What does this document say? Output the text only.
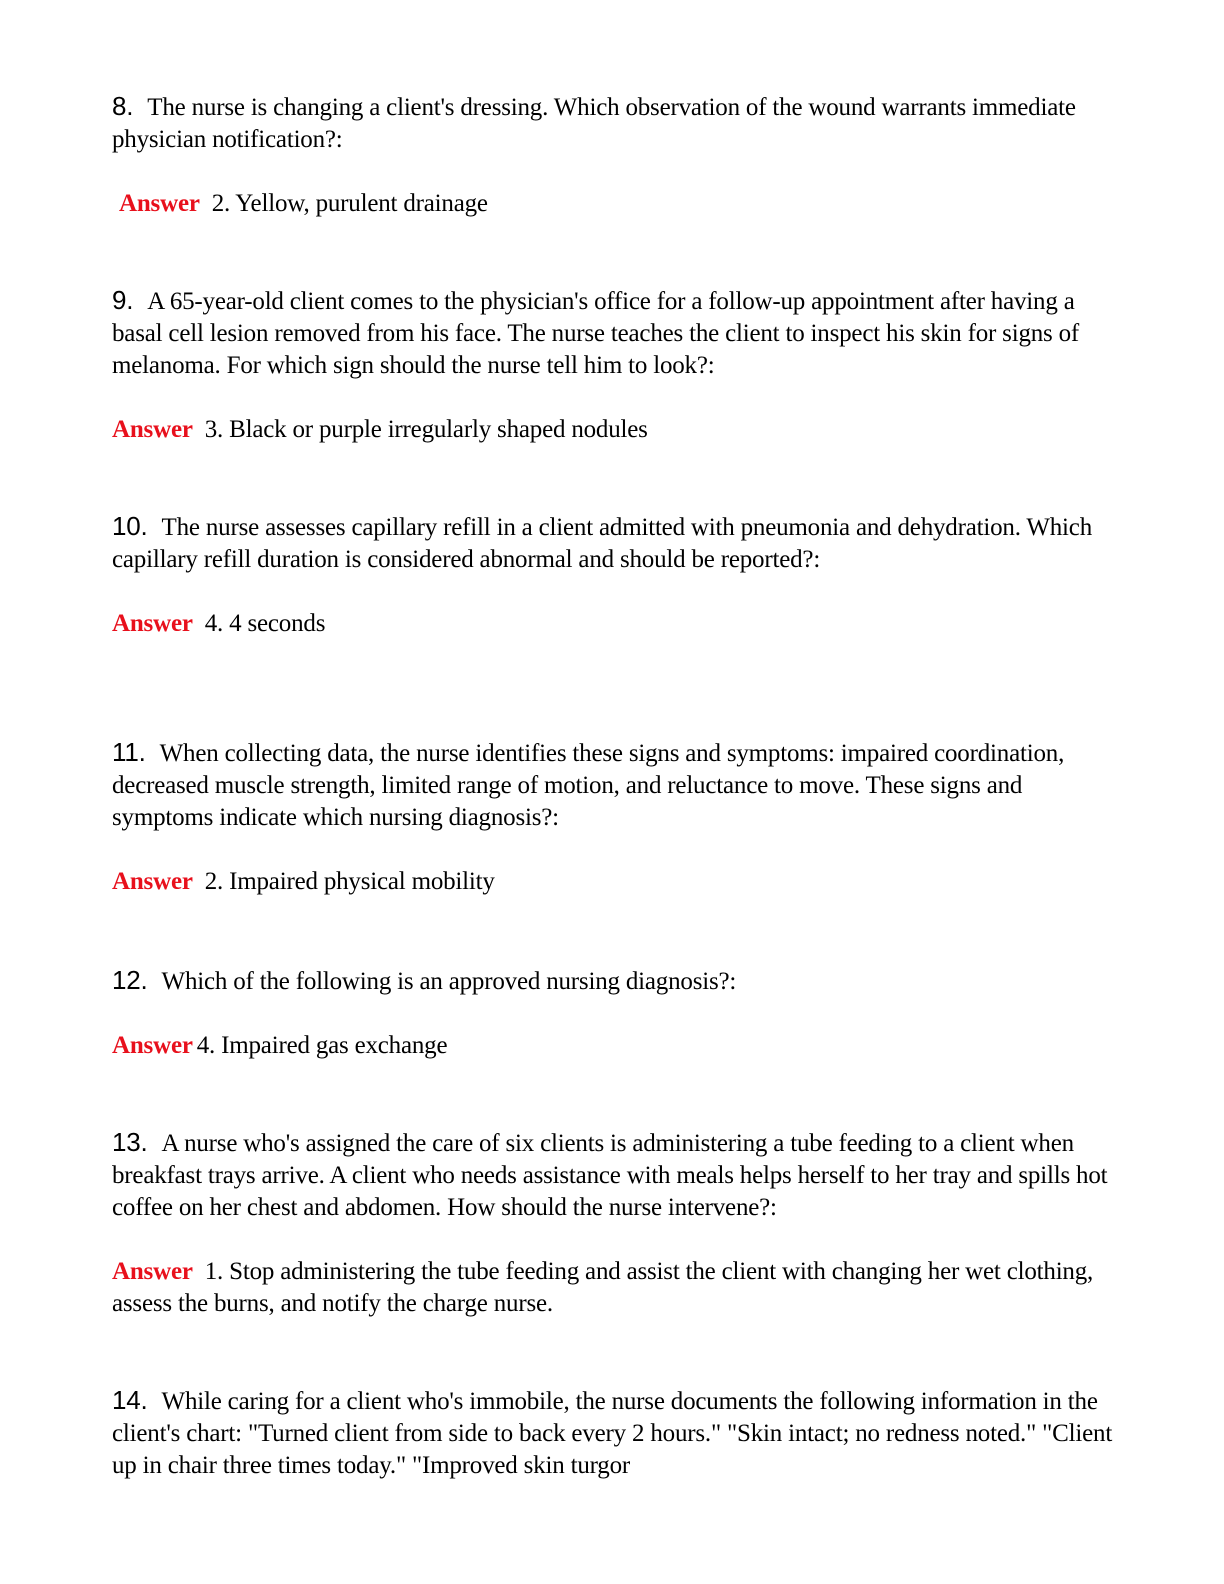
8. The nurse is changing a client's dressing. Which observation of the wound warrants immediate physician notification?:

Answer 2. Yellow, purulent drainage

9. A 65-year-old client comes to the physician's office for a follow-up appointment after having a basal cell lesion removed from his face. The nurse teaches the client to inspect his skin for signs of melanoma. For which sign should the nurse tell him to look?:

Answer 3. Black or purple irregularly shaped nodules

10. The nurse assesses capillary refill in a client admitted with pneumonia and dehydration. Which capillary refill duration is considered abnormal and should be reported?:

Answer 4. 4 seconds

11. When collecting data, the nurse identifies these signs and symptoms: impaired coordination, decreased muscle strength, limited range of motion, and reluctance to move. These signs and symptoms indicate which nursing diagnosis?:

Answer 2. Impaired physical mobility

12. Which of the following is an approved nursing diagnosis?:

Answer 4. Impaired gas exchange

13. A nurse who's assigned the care of six clients is administering a tube feeding to a client when breakfast trays arrive. A client who needs assistance with meals helps herself to her tray and spills hot coffee on her chest and abdomen. How should the nurse intervene?:

Answer 1. Stop administering the tube feeding and assist the client with changing her wet clothing, assess the burns, and notify the charge nurse.

14. While caring for a client who's immobile, the nurse documents the following information in the client's chart: "Turned client from side to back every 2 hours." "Skin intact; no redness noted." "Client up in chair three times today." "Improved skin turgor
